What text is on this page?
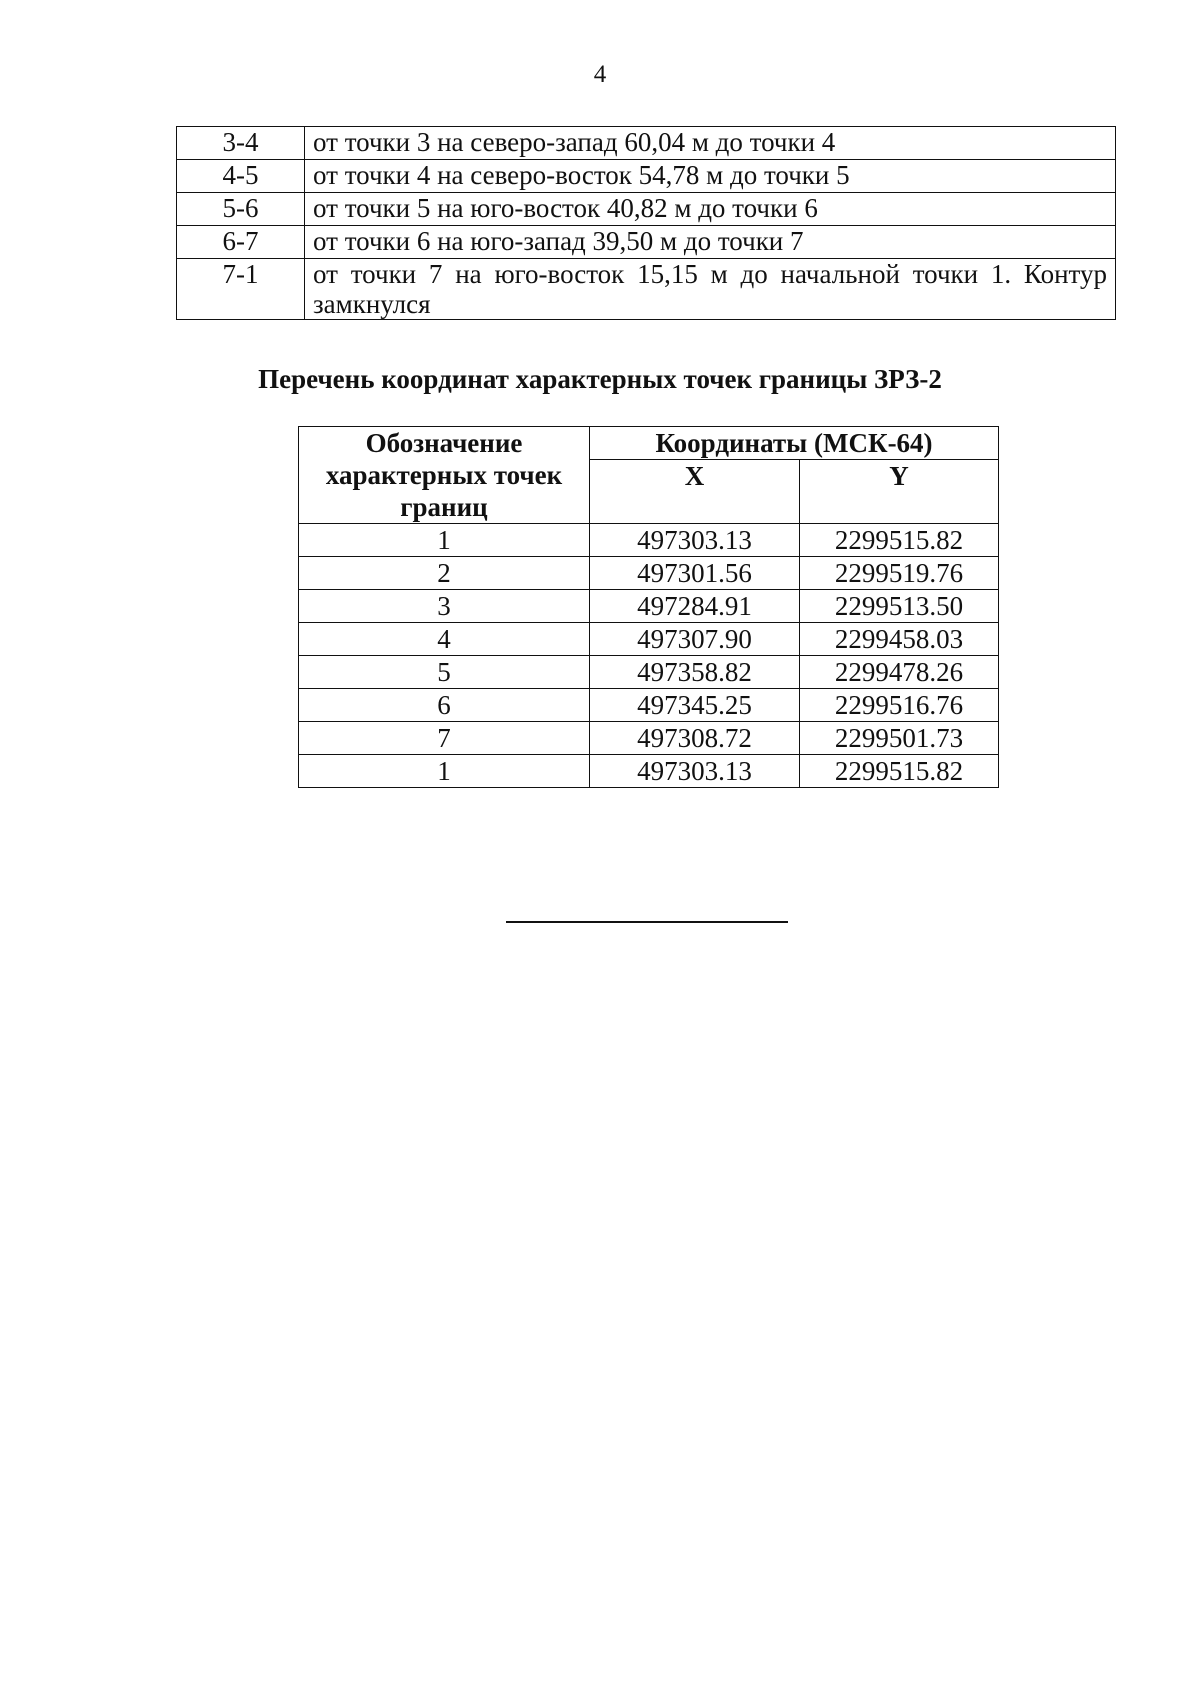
4
3-4	от точки 3 на северо-запад 60,04 м до точки 4
4-5	от точки 4 на северо-восток 54,78 м до точки 5
5-6	от точки 5 на юго-восток 40,82 м до точки 6
6-7	от точки 6 на юго-запад 39,50 м до точки 7
7-1	от точки 7 на юго-восток 15,15 м до начальной точки 1. Контур замкнулся
Перечень координат характерных точек границы ЗРЗ-2
Обозначение характерных точек границ	Координаты (МСК-64)	
	X	Y
1	497303.13	2299515.82
2	497301.56	2299519.76
3	497284.91	2299513.50
4	497307.90	2299458.03
5	497358.82	2299478.26
6	497345.25	2299516.76
7	497308.72	2299501.73
1	497303.13	2299515.82
